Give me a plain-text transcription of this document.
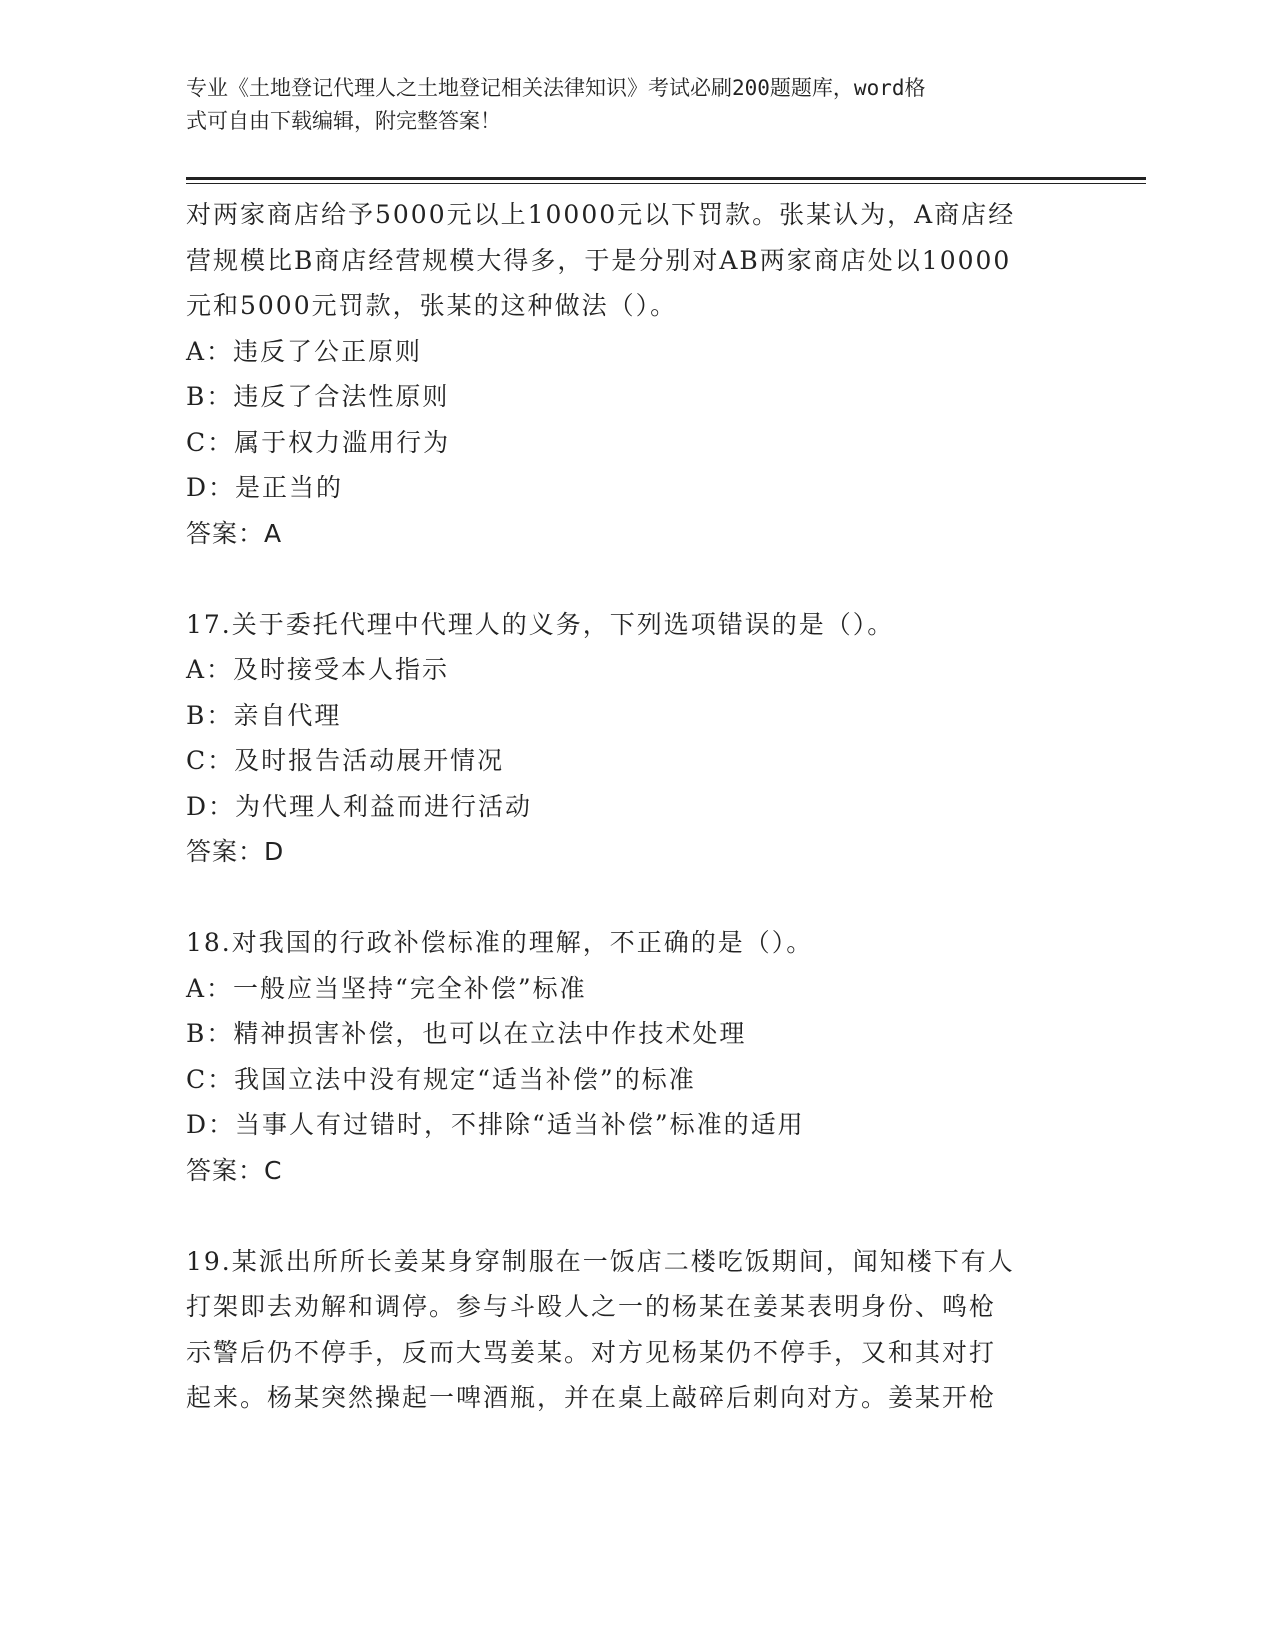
专业《土地登记代理人之土地登记相关法律知识》考试必刷200题题库，word格
式可自由下载编辑，附完整答案！
对两家商店给予5000元以上10000元以下罚款。张某认为，A商店经
营规模比B商店经营规模大得多，于是分别对AB两家商店处以10000
元和5000元罚款，张某的这种做法（）。
A：违反了公正原则
B：违反了合法性原则
C：属于权力滥用行为
D：是正当的
答案：A
17.关于委托代理中代理人的义务，下列选项错误的是（）。
A：及时接受本人指示
B：亲自代理
C：及时报告活动展开情况
D：为代理人利益而进行活动
答案：D
18.对我国的行政补偿标准的理解，不正确的是（）。
A：一般应当坚持“完全补偿”标准
B：精神损害补偿，也可以在立法中作技术处理
C：我国立法中没有规定“适当补偿”的标准
D：当事人有过错时，不排除“适当补偿”标准的适用
答案：C
19.某派出所所长姜某身穿制服在一饭店二楼吃饭期间，闻知楼下有人
打架即去劝解和调停。参与斗殴人之一的杨某在姜某表明身份、鸣枪
示警后仍不停手，反而大骂姜某。对方见杨某仍不停手，又和其对打
起来。杨某突然操起一啤酒瓶，并在桌上敲碎后刺向对方。姜某开枪
